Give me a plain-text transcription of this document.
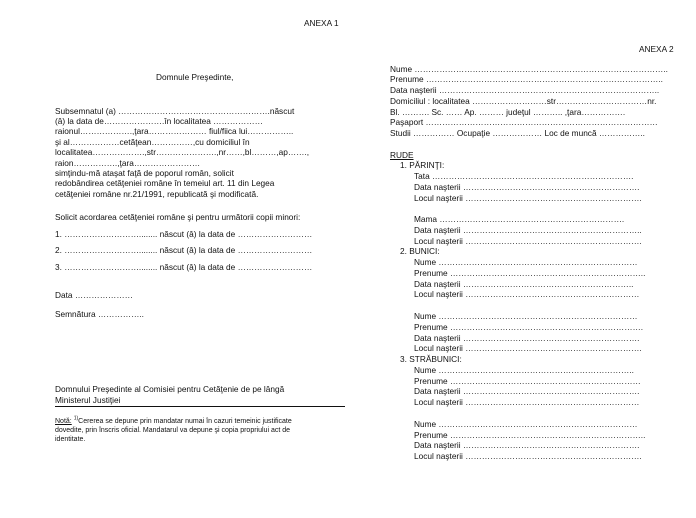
ANEXA 1
Domnule Preşedinte,
Subsemnatul (a) ……………………………………………….născut
(â) la data de………………….în localitatea ………………
raionul……………….,ţara………………… fiul/fiica lui……………..
şi al………………cetăţean……………,cu domiciliul în
localitatea……………….,str………………….,nr……,bl………,ap…….,
raion…………….,ţara……………………
simţindu-mă ataşat faţă de poporul român, solicit
redobândirea cetăţeniei române în temeiul art. 11 din Legea
cetăţeniei române nr.21/1991, republicată şi modificată.
Solicit acordarea cetăţeniei române şi pentru următorii copii minori:
1. ………………………........ născut (â) la data de ………………………
2. ………………………........ născut (â) la data de ………………………
3. ………………………........ născut (â) la data de ………………………
Data …………………
Semnătura ……………..
Domnului Preşedinte al Comisiei pentru Cetăţenie de pe lângă
Ministerul Justiţiei
Notă: $^{1)}$Cererea se depune prin mandatar numai în cazuri temeinic justificate
dovedite, prin înscris oficial. Mandatarul va depune şi copia propriului act de
identitate.
ANEXA 2
Nume ………………………………………………………………………………..
Prenume …………………………………………………………………………..
Data naşterii ……………………………………………………………………..
Domiciliul : localitatea ………………………str……………………………nr.
Bl. ………. Sc. …… Ap. ……… judeţul ……….. ,ţara…………….
Paşaport …………………………………………………………………………
Studii …………… Ocupaţie ……………… Loc de muncă ……………..
RUDE
1. PĂRINŢI:
Tata ……………………………………………………………….
Data naşterii ……………………………………………………….
Locul naşterii ……………………………………………………….
Mama ………………………………………………………….
Data naşterii ………………………………………………………..
Locul naşterii ……………………………………………………….
2. BUNICI:
Nume ………………………………………………………………
Prenume ……………………………………………………………..
Data naşterii ……………………………………………………..
Locul naşterii ………………………………………………………
Nume ………………………………………………………………
Prenume …………………………………………………………….
Data naşterii ……………………………………………………….
Locul naşterii ……………………………………………………….
3. STRĂBUNICI:
Nume ……………………………………………………………..
Prenume ……………………………………………………………
Data naşterii ……………………………………………………….
Locul naşterii ………………………………………………………
Nume ………………………………………………………………
Prenume ……………………………………………………………..
Data naşterii ……………………………………………………….
Locul naşterii ……………………………………………………….
